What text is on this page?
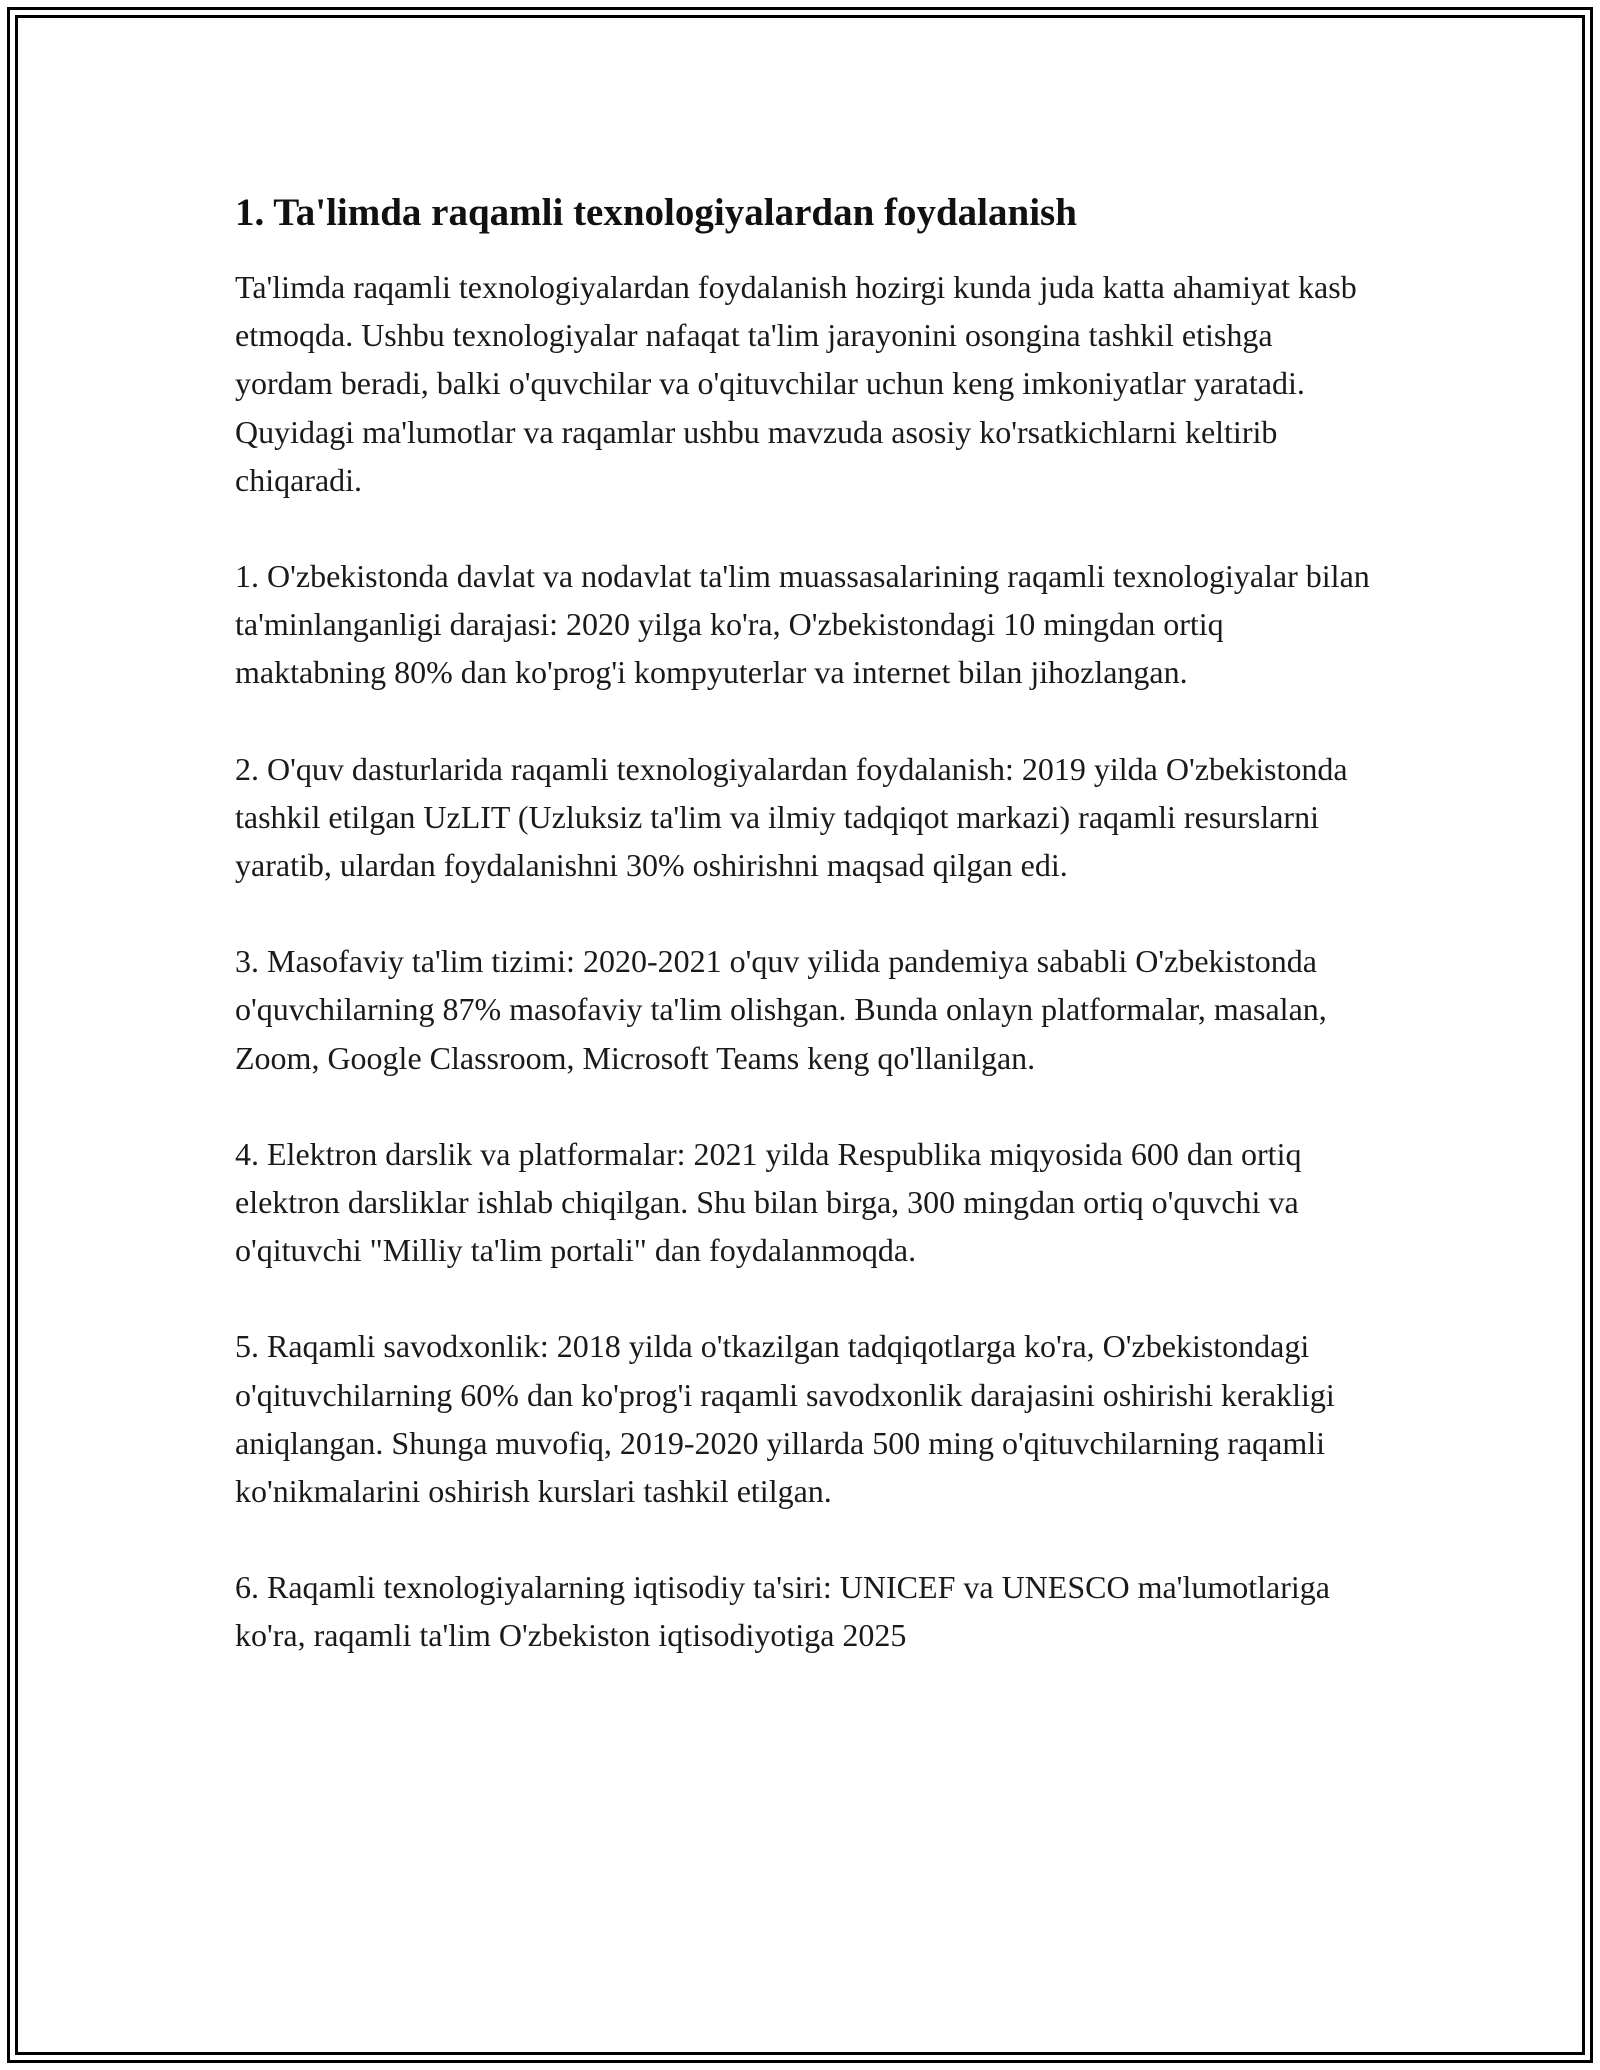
1. Ta'limda raqamli texnologiyalardan foydalanish

Ta'limda raqamli texnologiyalardan foydalanish hozirgi kunda juda katta ahamiyat kasb etmoqda. Ushbu texnologiyalar nafaqat ta'lim jarayonini osongina tashkil etishga yordam beradi, balki o'quvchilar va o'qituvchilar uchun keng imkoniyatlar yaratadi. Quyidagi ma'lumotlar va raqamlar ushbu mavzuda asosiy ko'rsatkichlarni keltirib chiqaradi.

1. O'zbekistonda davlat va nodavlat ta'lim muassasalarining raqamli texnologiyalar bilan ta'minlanganligi darajasi: 2020 yilga ko'ra, O'zbekistondagi 10 mingdan ortiq maktabning 80% dan ko'prog'i kompyuterlar va internet bilan jihozlangan.

2. O'quv dasturlarida raqamli texnologiyalardan foydalanish: 2019 yilda O'zbekistonda tashkil etilgan UzLIT (Uzluksiz ta'lim va ilmiy tadqiqot markazi) raqamli resurslarni yaratib, ulardan foydalanishni 30% oshirishni maqsad qilgan edi.

3. Masofaviy ta'lim tizimi: 2020-2021 o'quv yilida pandemiya sababli O'zbekistonda o'quvchilarning 87% masofaviy ta'lim olishgan. Bunda onlayn platformalar, masalan, Zoom, Google Classroom, Microsoft Teams keng qo'llanilgan.

4. Elektron darslik va platformalar: 2021 yilda Respublika miqyosida 600 dan ortiq elektron darsliklar ishlab chiqilgan. Shu bilan birga, 300 mingdan ortiq o'quvchi va o'qituvchi "Milliy ta'lim portali" dan foydalanmoqda.

5. Raqamli savodxonlik: 2018 yilda o'tkazilgan tadqiqotlarga ko'ra, O'zbekistondagi o'qituvchilarning 60% dan ko'prog'i raqamli savodxonlik darajasini oshirishi kerakligi aniqlangan. Shunga muvofiq, 2019-2020 yillarda 500 ming o'qituvchilarning raqamli ko'nikmalarini oshirish kurslari tashkil etilgan.

6. Raqamli texnologiyalarning iqtisodiy ta'siri: UNICEF va UNESCO ma'lumotlariga ko'ra, raqamli ta'lim O'zbekiston iqtisodiyotiga 2025
